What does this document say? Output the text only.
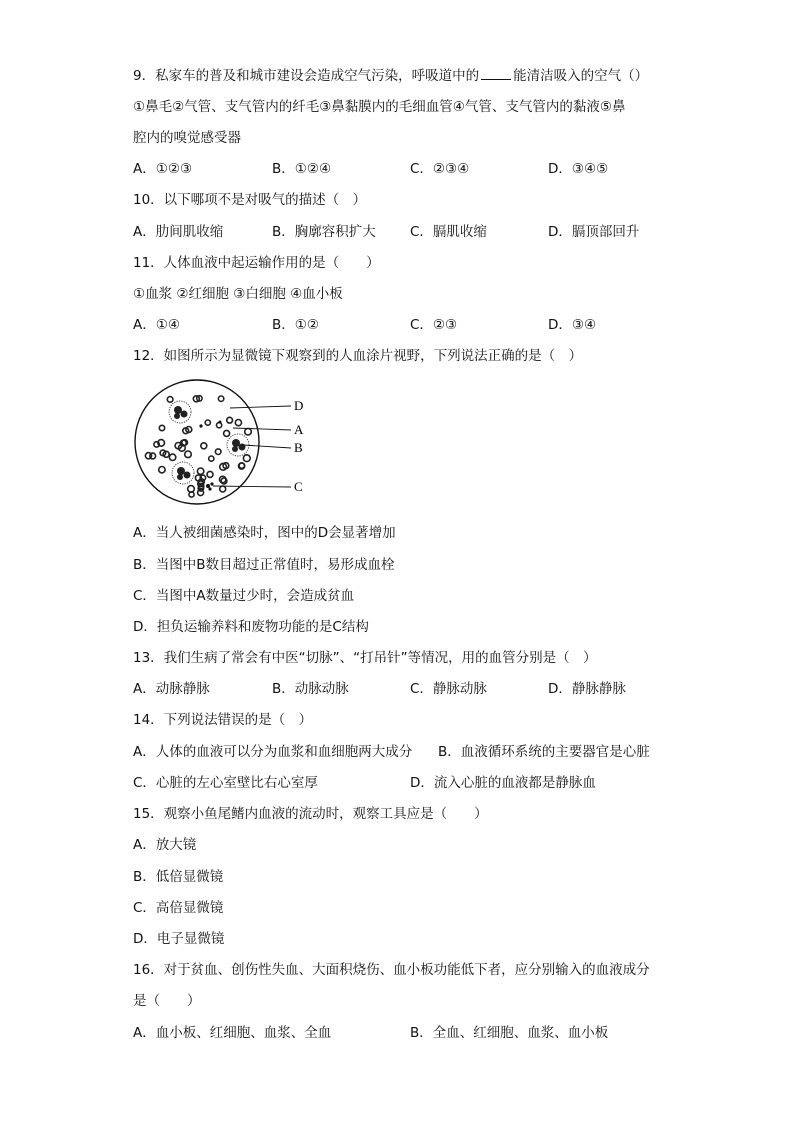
9．私家车的普及和城市建设会造成空气污染，呼吸道中的	能清洁吸入的空气（）
①鼻毛②气管、支气管内的纤毛③鼻黏膜内的毛细血管④气管、支气管内的黏液⑤鼻
腔内的嗅觉感受器
A．①②③	B．①②④	C．②③④	D．③④⑤
10．以下哪项不是对吸气的描述（　）
A．肋间肌收缩	B．胸廓容积扩大	C．膈肌收缩	D．膈顶部回升
11．人体血液中起运输作用的是（　　）
①血浆 ②红细胞 ③白细胞 ④血小板
A．①④	B．①②	C．②③	D．③④
12．如图所示为显微镜下观察到的人血涂片视野，下列说法正确的是（　）
D
A
B
C
A．当人被细菌感染时，图中的D会显著增加
B．当图中B数目超过正常值时，易形成血栓
C．当图中A数量过少时，会造成贫血
D．担负运输养料和废物功能的是C结构
13．我们生病了常会有中医“切脉”、“打吊针”等情况，用的血管分别是（　）
A．动脉静脉	B．动脉动脉	C．静脉动脉	D．静脉静脉
14．下列说法错误的是（　）
A．人体的血液可以分为血浆和血细胞两大成分 B．血液循环系统的主要器官是心脏
C．心脏的左心室壁比右心室厚	D．流入心脏的血液都是静脉血
15．观察小鱼尾鳍内血液的流动时，观察工具应是（　　）
A．放大镜
B．低倍显微镜
C．高倍显微镜
D．电子显微镜
16．对于贫血、创伤性失血、大面积烧伤、血小板功能低下者，应分别输入的血液成分
是（　　）
A．血小板、红细胞、血浆、全血	B．全血、红细胞、血浆、血小板
